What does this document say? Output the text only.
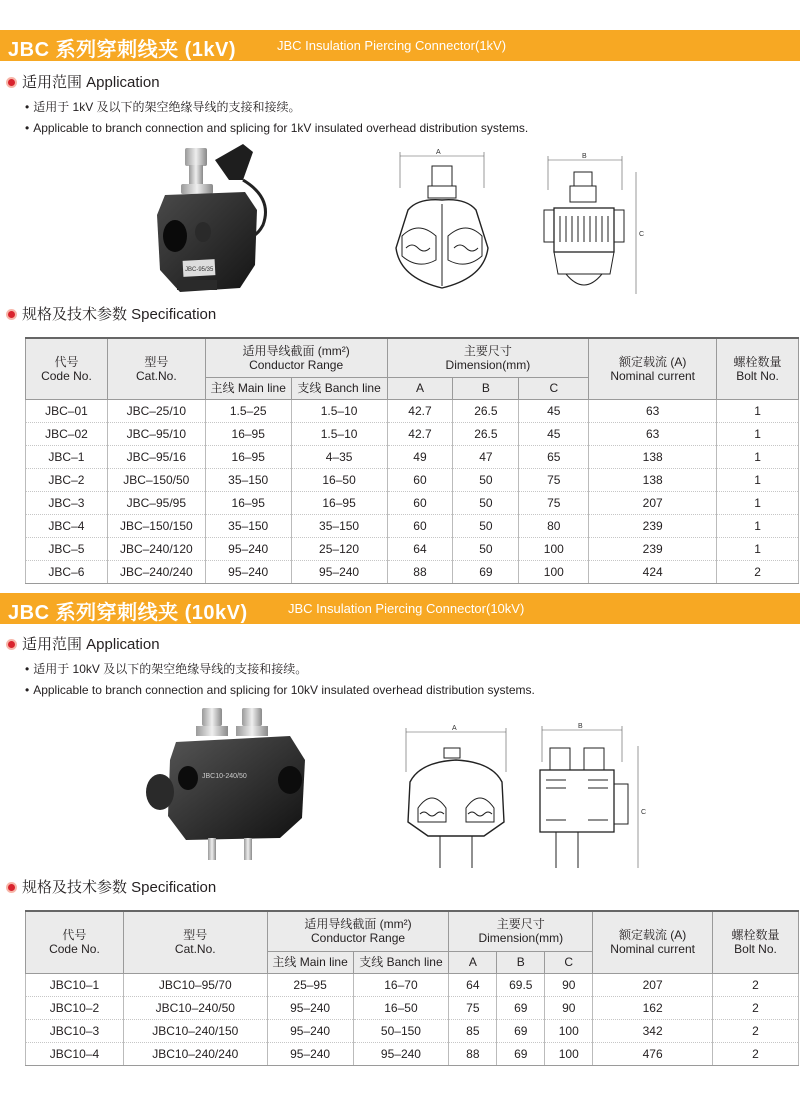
JBC 系列穿刺线夹 (1kV)	JBC Insulation Piercing Connector(1kV)
适用范围 Application
• 适用于 1kV 及以下的架空绝缘导线的支接和接续。
• Applicable to branch connection and splicing for 1kV insulated overhead distribution systems.
JBC-95/35
A
B
C
规格及技术参数 Specification
代号
Code No.	型号
Cat.No.	适用导线截面 (mm²)
Conductor Range		主要尺寸
Dimension(mm)			额定载流 (A)
Nominal current	螺栓数量
Bolt No.
		主线 Main line	支线 Banch line	A	B	C		
JBC–01	JBC–25/10	1.5–25	1.5–10	42.7	26.5	45	63	1
JBC–02	JBC–95/10	16–95	1.5–10	42.7	26.5	45	63	1
JBC–1	JBC–95/16	16–95	4–35	49	47	65	138	1
JBC–2	JBC–150/50	35–150	16–50	60	50	75	138	1
JBC–3	JBC–95/95	16–95	16–95	60	50	75	207	1
JBC–4	JBC–150/150	35–150	35–150	60	50	80	239	1
JBC–5	JBC–240/120	95–240	25–120	64	50	100	239	1
JBC–6	JBC–240/240	95–240	95–240	88	69	100	424	2
JBC 系列穿刺线夹 (10kV)	JBC Insulation Piercing Connector(10kV)
适用范围 Application
• 适用于 10kV 及以下的架空绝缘导线的支接和接续。
• Applicable to branch connection and splicing for 10kV insulated overhead distribution systems.
JBC10-240/50
A	B
C
规格及技术参数 Specification
代号
Code No.	型号
Cat.No.	适用导线截面 (mm²)
Conductor Range		主要尺寸
Dimension(mm)			额定载流 (A)
Nominal current	螺栓数量
Bolt No.
		主线 Main line	支线 Banch line	A	B	C		
JBC10–1	JBC10–95/70	25–95	16–70	64	69.5	90	207	2
JBC10–2	JBC10–240/50	95–240	16–50	75	69	90	162	2
JBC10–3	JBC10–240/150	95–240	50–150	85	69	100	342	2
JBC10–4	JBC10–240/240	95–240	95–240	88	69	100	476	2
